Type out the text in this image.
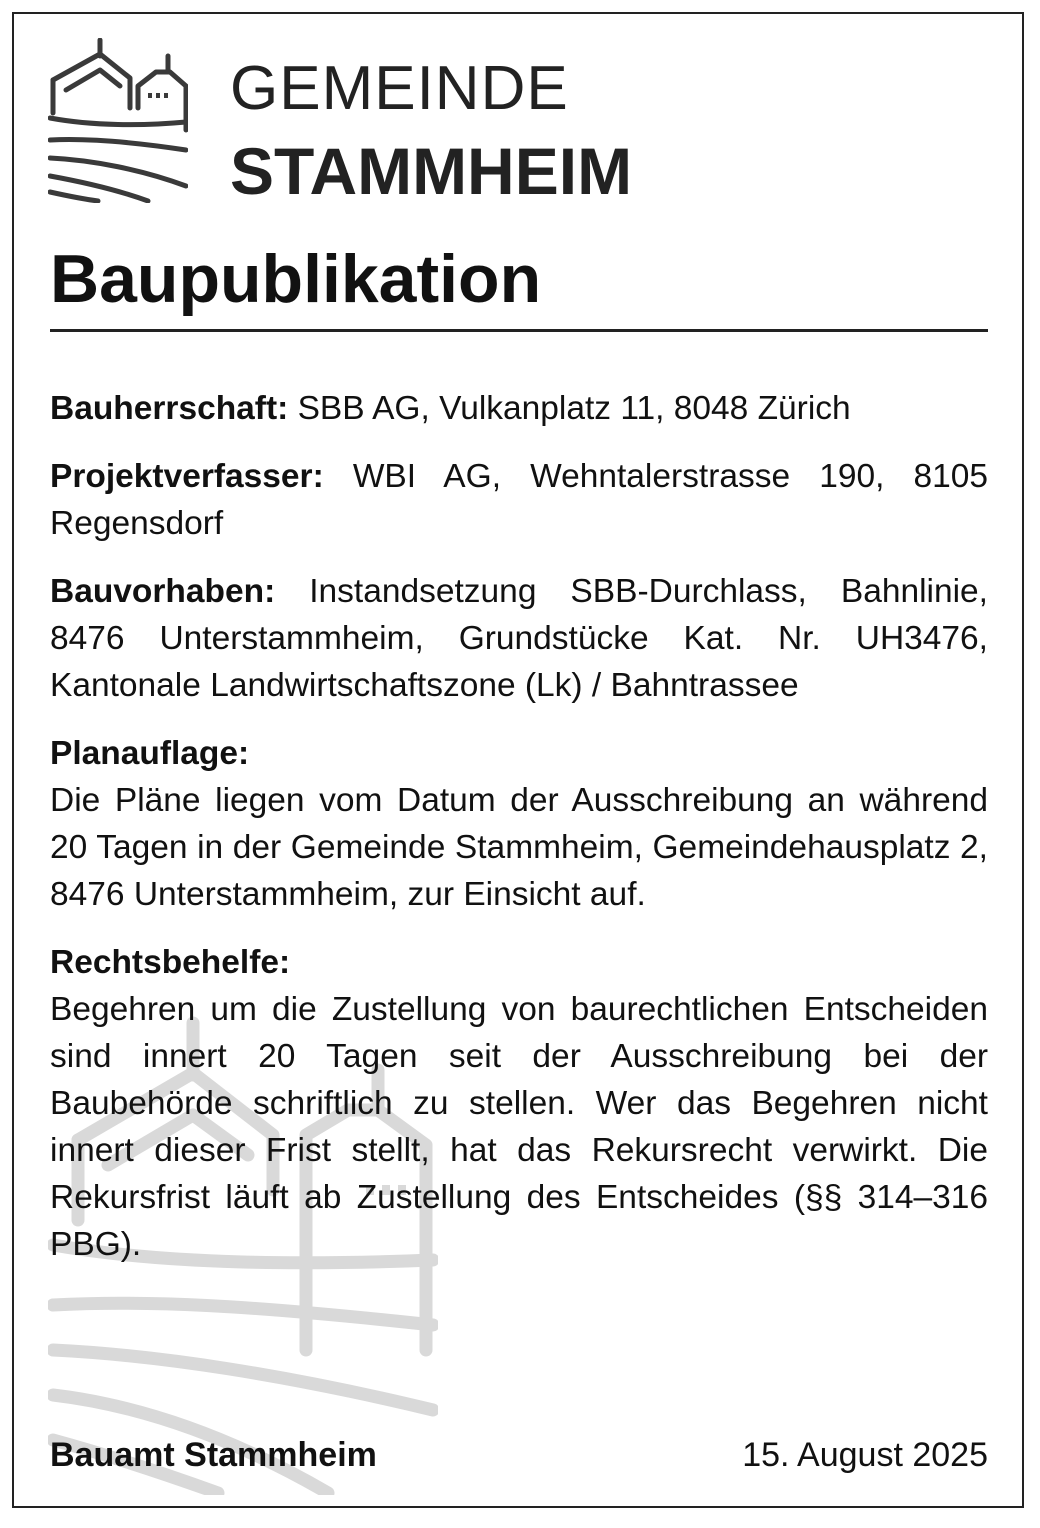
GEMEINDE
STAMMHEIM
Baupublikation

Bauherrschaft: SBB AG, Vulkanplatz 11, 8048 Zürich

Projektverfasser: WBI AG, Wehntalerstrasse 190, 8105 Regensdorf

Bauvorhaben: Instandsetzung SBB-Durchlass, Bahnlinie, 8476 Unterstammheim, Grundstücke Kat. Nr. UH3476, Kantonale Landwirtschaftszone (Lk) / Bahntrassee

Planauflage:
Die Pläne liegen vom Datum der Ausschreibung an während 20 Tagen in der Gemeinde Stammheim, Gemeindehausplatz 2, 8476 Unterstammheim, zur Einsicht auf.

Rechtsbehelfe:
Begehren um die Zustellung von baurechtlichen Entscheiden sind innert 20 Tagen seit der Ausschreibung bei der Baubehörde schriftlich zu stellen. Wer das Begehren nicht innert dieser Frist stellt, hat das Rekursrecht verwirkt. Die Rekursfrist läuft ab Zustellung des Entscheides (§§ 314–316 PBG).

Bauamt Stammheim	15. August 2025
